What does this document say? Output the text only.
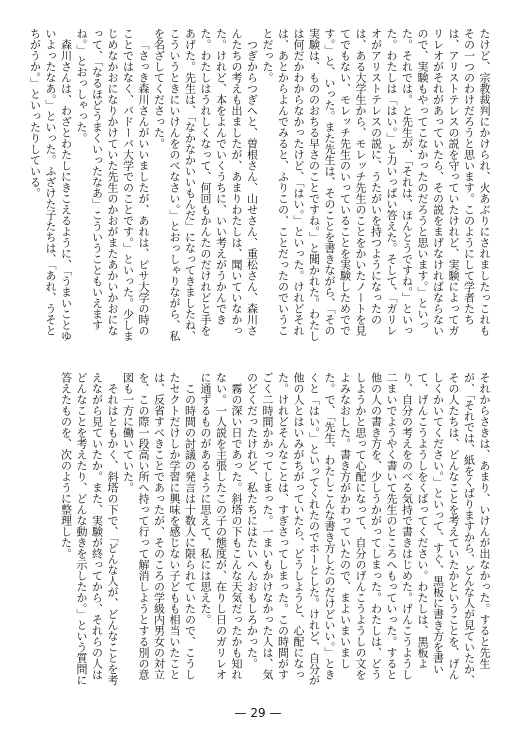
たけど、宗教裁判にかけられ、火あぶりにされましたっこれもその一つのわけだろうと思います。このようにして学者たちは、アリストテレスの説を守っていたけれど、実験によってガリレオがそれがあっていたら、その説をまげなければならないので、実験もやってこなかったのだろうと思います。」といった。それでは。と先生が、「それは、ほんとうですね。」といった。わたしは「はい。」と力いっぱい答えた。そして、「ガリレオがアリストテレスの説に、うたがいを持つようになったのは、ある大学生から、モレッチ先生のことをかいたノートを見てでもない、モレッチ先生のいっていることを実験しためでです。」と、いった。また先生は、そのことを書きながら、「その実験は、もののおちる早さのことですね。」と聞かれた。わたしは何だかわからなかったけど、「はい。」といった。けれどそれは、あとからよんでみると、ふりこの、ことだったのでいうことだった。

つぎからつぎへと、曽根さん、山せさん、重松さん、森川さんたちの考えも出ましたが、あまりわたしは、聞いていなかった。けれど、本をよんでいくうちに、いい考えがうかんできた。わたしはうれしくなって、何回もかんたのだけれどと手をあげた。先生は、「なかなかいいもんだ」になってきましたね、こういうときにいけんをのべなさい。」とおっしゃりながら、私を名ざしてくださった。

「さっき森川さんがいいましたが、あれは、ピサ大学の時のことではなく、パドーバ大学でのことです。」といった。少しまじめなかおになりかけていた先生のかおがまたあかいかおになって、「なるほどうまくいったなあ」こういうこともいえますね。」とおっしゃった。

森川さんは、わざとわたしにきこえるように、「うまいことゆいよったなあ。」といった。ふざけた子たちは、「あれ、うそとちがうか。」といったりしている。

それからさきは、あまり、いけんが出なかった。すると先生が、「それでは、紙をくばりますから、どんな人が見ていたか、その人たちは、どんなことを考えていたかということを、げんしくかいてください。」といって、すぐ、黒板に書き方を書いて、げんこうようしをくばってください。わたしは、黒板より、自分の考えをのべる気持で書きはじめた。げんこうようし二まいでようやく書いて先生のところへもっていった。すると他の人の書き方を、少しうかがってしまった。わたしは、どうしようかと思って心配になって、自分のげんこうようしの文をよみなおした。書き方がかわっていたので、まよいまいました。で、「先生、わたしこんな書き方したのだけどいい。」ときくと「はい。」といってくれたのでホーとした。けれど、自分が他の人とはいみがちがっていたら、どうしようと、心配になった。けれどそんなことは、すぎさってしまった。この時間がすごく二時間かかってしまった。一まいもかけなかった人は、気のどくだったけれど、私たちにはたいへんおもしろかった。

霧の深い日であった。斜塔の下もこんな天気だったかも知れない。一人説を主張したこの子の態度が、在りし日のガリレオに通ずるものがあるように思えて、私には思えた。

この時間の討議の発言は十数人に限られていたので、こうしたセクトだけしか学習に興味を感じない子どもも相当いたことは、反省すべきことであったが、そのころの学級内男女の対立を、この際一段高い所へ持って行って解消しようとする別の意図も一方に働いていた。

それはともかく、斜塔の下で、「どんな人が、どんなことを考えながら見ていたか。また、実験が終ってから、それらの人はどんなことを考えたり、どんな動きを示したか。」という質問に答えたものを、次のように整理した。

— 29 —
